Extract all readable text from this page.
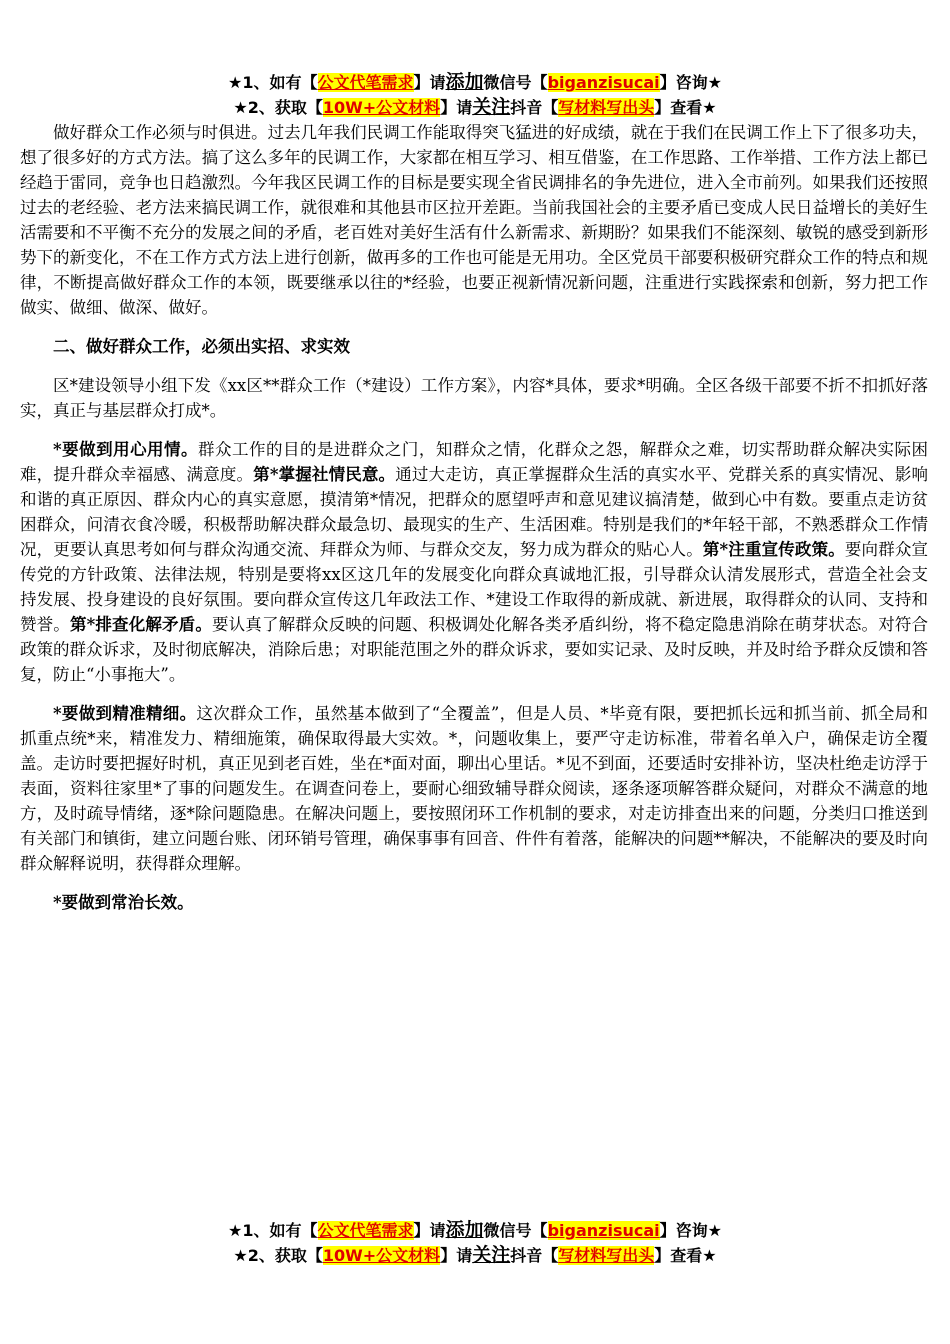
★1、如有【公文代笔需求】请添加微信号【biganzisucai】咨询★
★2、获取【10W+公文材料】请关注抖音【写材料写出头】查看★

做好群众工作必须与时俱进。过去几年我们民调工作能取得突飞猛进的好成绩，就在于我们在民调工作上下了很多功夫，想了很多好的方式方法。搞了这么多年的民调工作，大家都在相互学习、相互借鉴，在工作思路、工作举措、工作方法上都已经趋于雷同，竞争也日趋激烈。今年我区民调工作的目标是要实现全省民调排名的争先进位，进入全市前列。如果我们还按照过去的老经验、老方法来搞民调工作，就很难和其他县市区拉开差距。当前我国社会的主要矛盾已变成人民日益增长的美好生活需要和不平衡不充分的发展之间的矛盾，老百姓对美好生活有什么新需求、新期盼？如果我们不能深刻、敏锐的感受到新形势下的新变化，不在工作方式方法上进行创新，做再多的工作也可能是无用功。全区党员干部要积极研究群众工作的特点和规律，不断提高做好群众工作的本领，既要继承以往的*经验，也要正视新情况新问题，注重进行实践探索和创新，努力把工作做实、做细、做深、做好。

二、做好群众工作，必须出实招、求实效

区*建设领导小组下发《xx区**群众工作（*建设）工作方案》，内容*具体，要求*明确。全区各级干部要不折不扣抓好落实，真正与基层群众打成*。

*要做到用心用情。群众工作的目的是进群众之门，知群众之情，化群众之怨，解群众之难，切实帮助群众解决实际困难，提升群众幸福感、满意度。第*掌握社情民意。通过大走访，真正掌握群众生活的真实水平、党群关系的真实情况、影响和谐的真正原因、群众内心的真实意愿，摸清第*情况，把群众的愿望呼声和意见建议搞清楚，做到心中有数。要重点走访贫困群众，问清衣食冷暖，积极帮助解决群众最急切、最现实的生产、生活困难。特别是我们的*年轻干部，不熟悉群众工作情况，更要认真思考如何与群众沟通交流、拜群众为师、与群众交友，努力成为群众的贴心人。第*注重宣传政策。要向群众宣传党的方针政策、法律法规，特别是要将xx区这几年的发展变化向群众真诚地汇报，引导群众认清发展形式，营造全社会支持发展、投身建设的良好氛围。要向群众宣传这几年政法工作、*建设工作取得的新成就、新进展，取得群众的认同、支持和赞誉。第*排查化解矛盾。要认真了解群众反映的问题、积极调处化解各类矛盾纠纷，将不稳定隐患消除在萌芽状态。对符合政策的群众诉求，及时彻底解决，消除后患；对职能范围之外的群众诉求，要如实记录、及时反映，并及时给予群众反馈和答复，防止“小事拖大”。

*要做到精准精细。这次群众工作，虽然基本做到了“全覆盖”，但是人员、*毕竟有限，要把抓长远和抓当前、抓全局和抓重点统*来，精准发力、精细施策，确保取得最大实效。*，问题收集上，要严守走访标准，带着名单入户，确保走访全覆盖。走访时要把握好时机，真正见到老百姓，坐在*面对面，聊出心里话。*见不到面，还要适时安排补访，坚决杜绝走访浮于表面，资料往家里*了事的问题发生。在调查问卷上，要耐心细致辅导群众阅读，逐条逐项解答群众疑问，对群众不满意的地方，及时疏导情绪，逐*除问题隐患。在解决问题上，要按照闭环工作机制的要求，对走访排查出来的问题，分类归口推送到有关部门和镇街，建立问题台账、闭环销号管理，确保事事有回音、件件有着落，能解决的问题**解决，不能解决的要及时向群众解释说明，获得群众理解。

*要做到常治长效。

★1、如有【公文代笔需求】请添加微信号【biganzisucai】咨询★
★2、获取【10W+公文材料】请关注抖音【写材料写出头】查看★
